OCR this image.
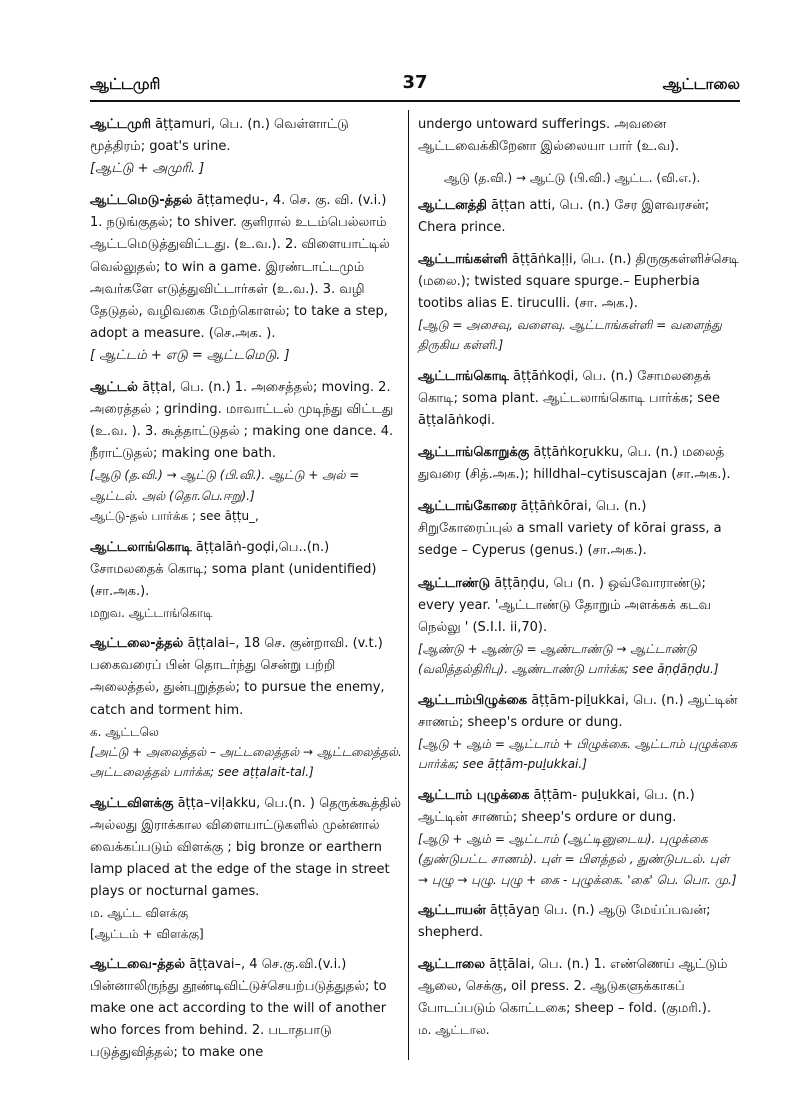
ஆட்டமுரி	37	ஆட்டாலை

ஆட்டமுரி āṭṭamuri, பெ. (n.) வெள்ளாட்டு மூத்திரம்; goat's urine.

[ஆட்டு + அமுரி. ]

ஆட்டமெடு-த்தல் āṭṭameḍu-, 4. செ. கு. வி. (v.i.) 1. நடுங்குதல்; to shiver. குளிரால் உடம்பெல்லாம் ஆட்டமெடுத்துவிட்டது. (உ.வ.). 2. விளையாட்டில் வெல்லுதல்; to win a game. இரண்டாட்டமும் அவர்களே எடுத்துவிட்டார்கள் (உ.வ.). 3. வழி தேடுதல், வழிவகை மேற்கொளல்; to take a step, adopt a measure. (செ.அக. ).

[ ஆட்டம் + எடு = ஆட்டமெடு. ]

ஆட்டல் āṭṭal, பெ. (n.) 1. அசைத்தல்; moving. 2. அரைத்தல் ; grinding. மாவாட்டல் முடிந்து விட்டது (உ.வ. ). 3. கூத்தாட்டுதல் ; making one dance. 4. நீராட்டுதல்; making one bath.

[ஆடு (த.வி.) → ஆட்டு (பி.வி.). ஆட்டு + அல் = ஆட்டல். அல் (தொ.பெ.ஈறு).]

ஆட்டு-தல் பார்க்க ; see āṭṭu_,

ஆட்டலாங்கொடி āṭṭalāṅ-goḍi,பெ..(n.) சோமலதைக் கொடி; soma plant (unidentified) (சா.அக.).

மறுவ. ஆட்டாங்கொடி

ஆட்டலை-த்தல் āṭṭalai–, 18 செ. குன்றாவி. (v.t.) பகைவரைப் பின் தொடர்ந்து சென்று பற்றி அலைத்தல், துன்புறுத்தல்; to pursue the enemy, catch and torment him.

க. ஆட்டலெ

[அட்டு + அலைத்தல் – அட்டலைத்தல் → ஆட்டலைத்தல். அட்டலைத்தல் பார்க்க; see aṭṭalait-tal.]

ஆட்டவிளக்கு āṭṭa–viḷakku, பெ.(n. ) தெருக்கூத்தில் அல்லது இராக்கால விளையாட்டுகளில் முன்னால் வைக்கப்படும் விளக்கு ; big bronze or earthern lamp placed at the edge of the stage in street plays or nocturnal games.

ம. ஆட்ட விளக்கு

[ஆட்டம் + விளக்கு]

ஆட்டவை-த்தல் āṭṭavai–, 4 செ.கு.வி.(v.i.) பின்னாலிருந்து தூண்டிவிட்டுச்செயற்படுத்துதல்; to make one act according to the will of another who forces from behind. 2. படாதபாடு படுத்துவித்தல்; to make one

undergo untoward sufferings. அவனை ஆட்டவைக்கிறேனா இல்லையா பார் (உ.வ).

ஆடு (த.வி.) → ஆட்டு (பி.வி.) ஆட்ட. (வி.எ.).

ஆட்டனத்தி āṭṭan atti, பெ. (n.) சேர இளவரசன்; Chera prince.

ஆட்டாங்கள்ளி āṭṭāṅkaḷḷi, பெ. (n.) திருகுகள்ளிச்செடி (மலை.); twisted square spurge.– Eupherbia tootibs alias E. tirucuIli. (சா. அக.).

[ஆடு = அசைவு, வளைவு. ஆட்டாங்கள்ளி = வளைந்து திருகிய கள்ளி.]

ஆட்டாங்கொடி āṭṭāṅkoḍi, பெ. (n.) சோமலதைக் கொடி; soma plant. ஆட்டலாங்கொடி பார்க்க; see āṭṭalāṅkoḍi.

ஆட்டாங்கொறுக்கு āṭṭāṅkoṟukku, பெ. (n.) மலைத் துவரை (சித்.அக.); hilldhal–cytisuscajan (சா.அக.).

ஆட்டாங்கோரை āṭṭāṅkōrai, பெ. (n.) சிறுகோரைப்புல் a small variety of kōrai grass, a sedge – Cyperus (genus.) (சா.அக.).

ஆட்டாண்டு āṭṭāṇḍu, பெ (n. ) ஒவ்வோராண்டு; every year. 'ஆட்டாண்டு தோறும் அளக்கக் கடவ நெல்லு ' (S.I.I. ii,70).

[ஆண்டு + ஆண்டு = ஆண்டாண்டு → ஆட்டாண்டு (வலித்தல்திரிபு). ஆண்டாண்டு பார்க்க; see āṇḍāṇḍu.]

ஆட்டாம்பிழுக்கை āṭṭām-piḻukkai, பெ. (n.) ஆட்டின் சாணம்; sheep's ordure or dung.

[ஆடு + ஆம் = ஆட்டாம் + பிழுக்கை. ஆட்டாம் புழுக்கை பார்க்க; see āṭṭām-puḻukkai.]

ஆட்டாம் புழுக்கை āṭṭām- puḻukkai, பெ. (n.) ஆட்டின் சாணம்; sheep's ordure or dung.

[ஆடு + ஆம் = ஆட்டாம் (ஆட்டினுடைய). புழுக்கை (துண்டுபட்ட சாணம்). புள் = பிளத்தல் , துண்டுபடல். புள் → புழு → புழு. புழு + கை - புழுக்கை. 'கை' பெ. பொ. மு.]

ஆட்டாயன் āṭṭāyaṉ பெ. (n.) ஆடு மேய்ப்பவன்; shepherd.

ஆட்டாலை āṭṭālai, பெ. (n.) 1. எண்ணெய் ஆட்டும் ஆலை, செக்கு, oil press. 2. ஆடுகளுக்காகப் போடப்படும் கொட்டகை; sheep – fold. (குமரி.).

ம. ஆட்டால.
